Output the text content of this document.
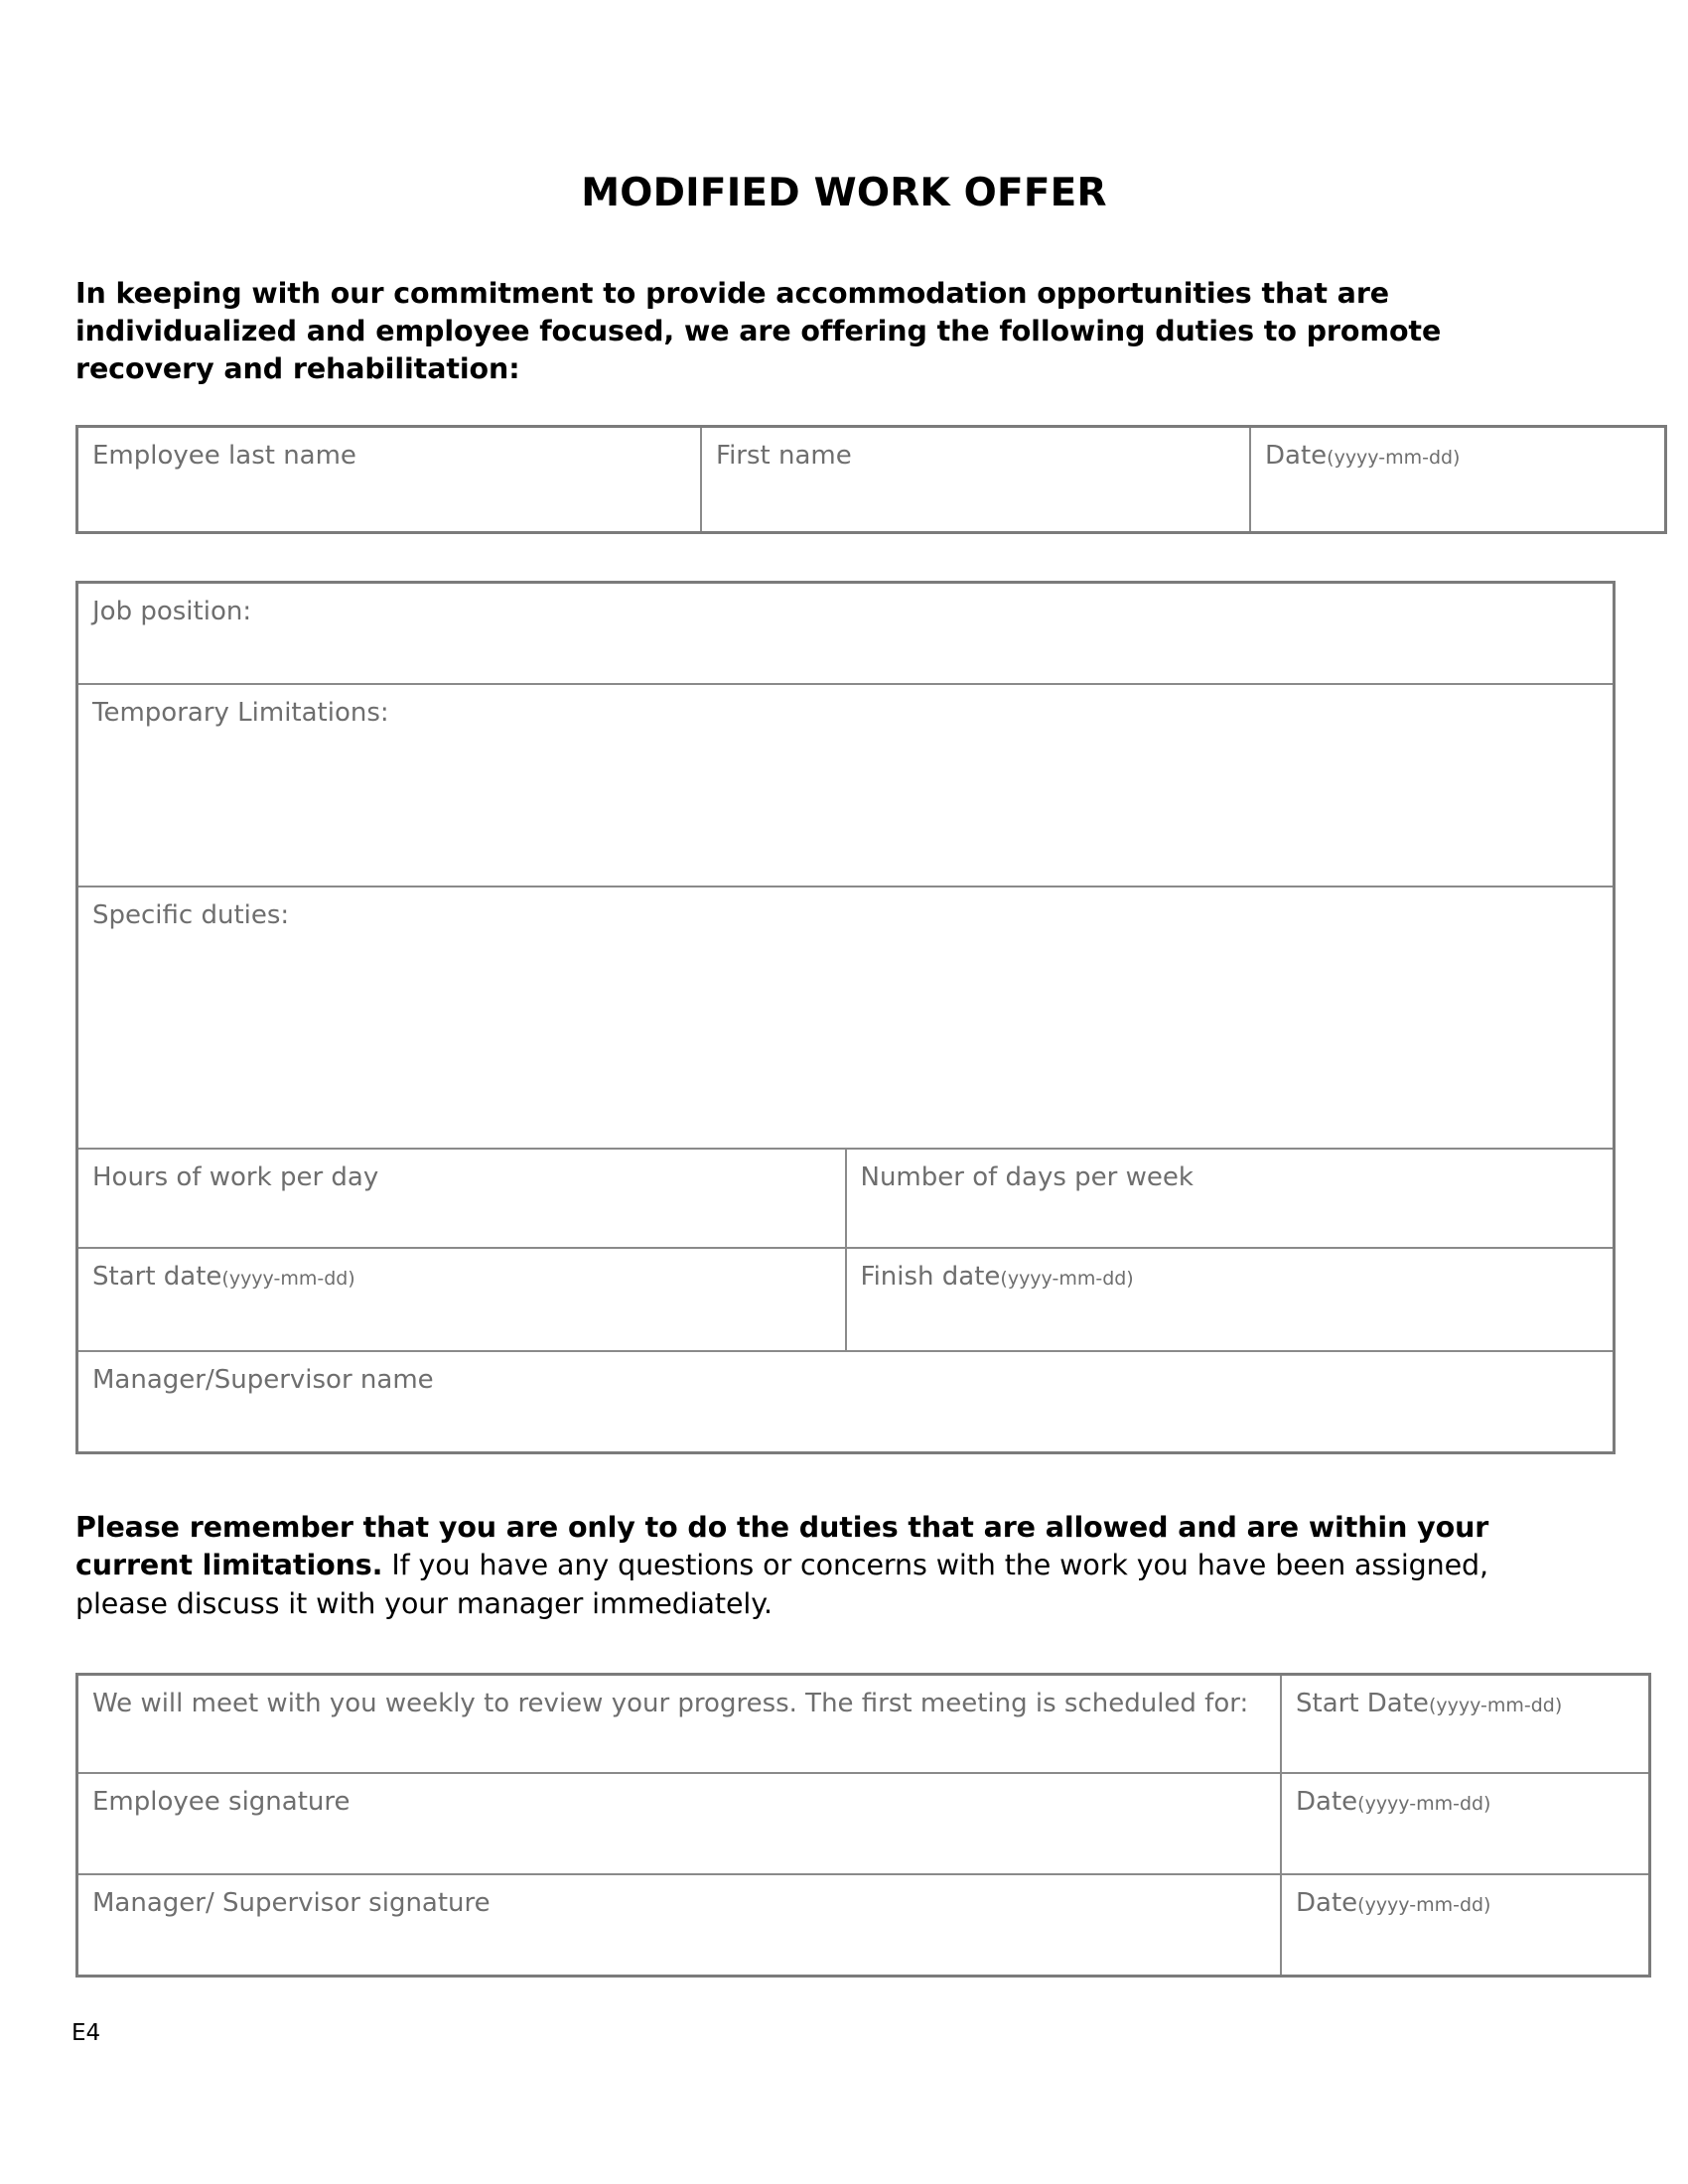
MODIFIED WORK OFFER
In keeping with our commitment to provide accommodation opportunities that are individualized and employee focused, we are offering the following duties to promote recovery and rehabilitation:
Employee last name	First name	Date(yyyy-mm-dd)
Job position:	
Temporary Limitations:	
Specific duties:	
Hours of work per day	Number of days per week
Start date(yyyy-mm-dd)	Finish date(yyyy-mm-dd)
Manager/Supervisor name	
Please remember that you are only to do the duties that are allowed and are within your current limitations. If you have any questions or concerns with the work you have been assigned, please discuss it with your manager immediately.
We will meet with you weekly to review your progress. The first meeting is scheduled for:	Start Date(yyyy-mm-dd)
Employee signature	Date(yyyy-mm-dd)
Manager/ Supervisor signature	Date(yyyy-mm-dd)
E4
